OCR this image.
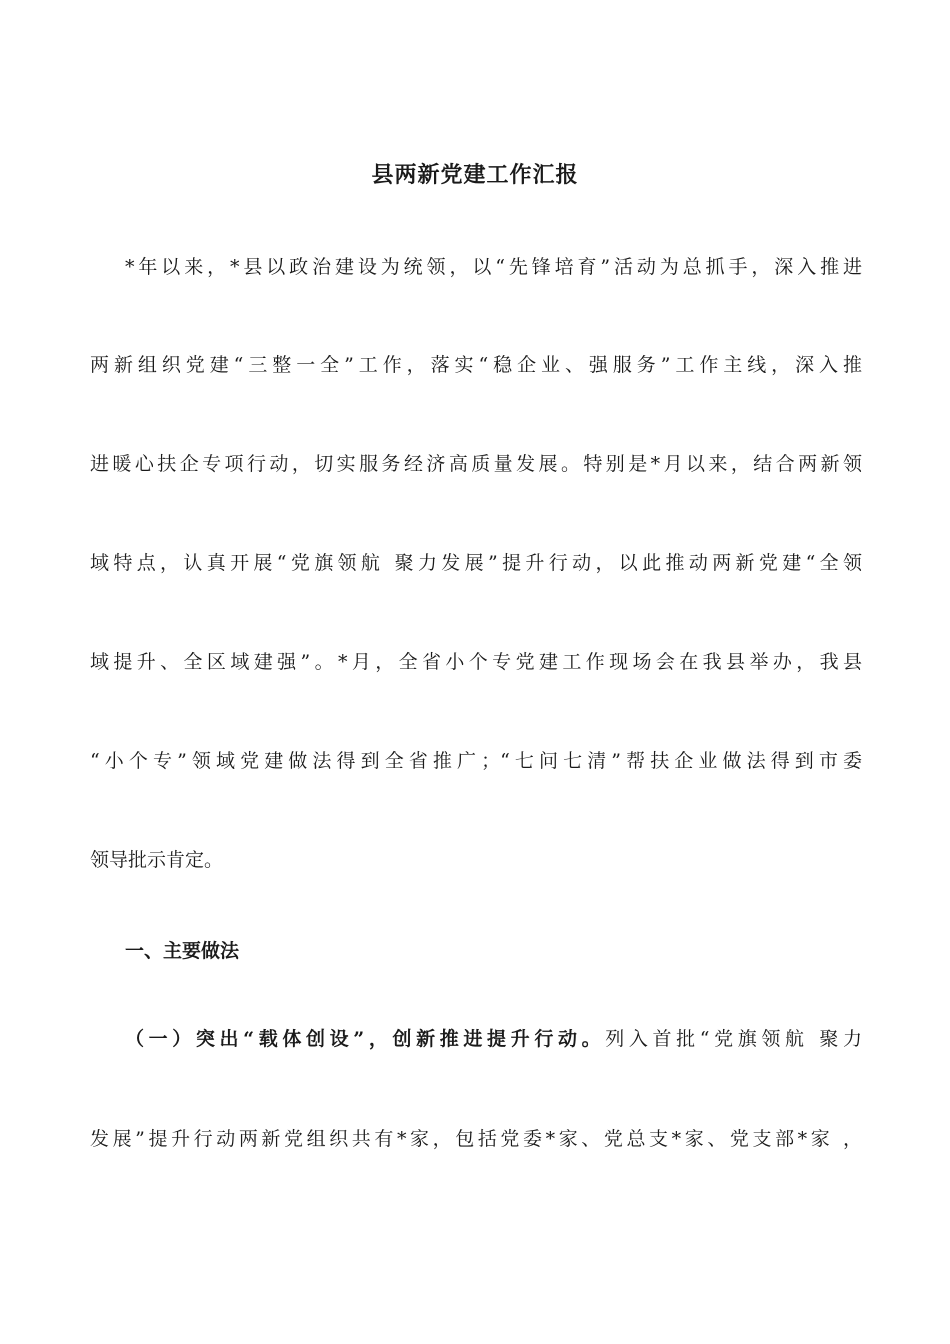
县两新党建工作汇报

*年以来，*县以政治建设为统领，以“先锋培育”活动为总抓手，深入推进

两新组织党建“三整一全”工作，落实“稳企业、强服务”工作主线，深入推

进暖心扶企专项行动，切实服务经济高质量发展。特别是*月以来，结合两新领

域特点，认真开展“党旗领航 聚力发展”提升行动，以此推动两新党建“全领

域提升、全区域建强”。*月，全省小个专党建工作现场会在我县举办，我县

“小个专”领域党建做法得到全省推广；“七问七清”帮扶企业做法得到市委

领导批示肯定。

一、主要做法

（一）突出“载体创设”，创新推进提升行动。列入首批“党旗领航 聚力

发展”提升行动两新党组织共有*家，包括党委*家、党总支*家、党支部*家 ，
